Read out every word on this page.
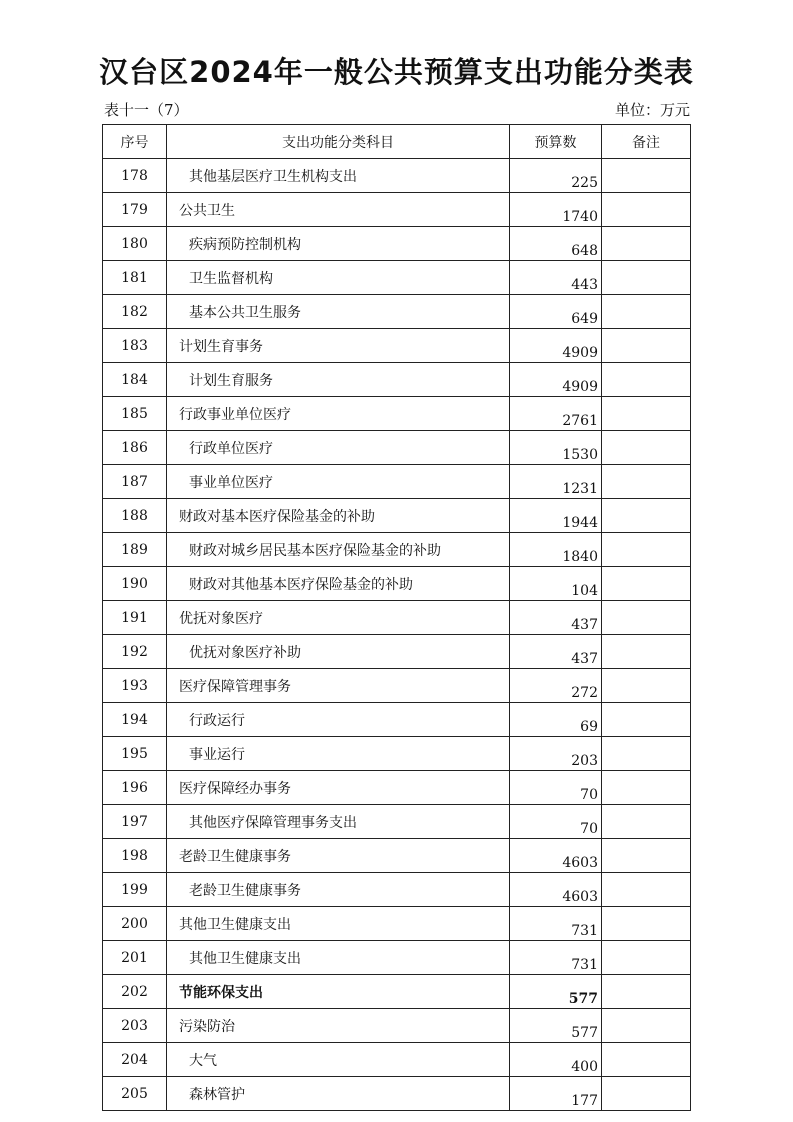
汉台区2024年一般公共预算支出功能分类表
表十一（7）	单位：万元
序号	支出功能分类科目	预算数	备注
178	其他基层医疗卫生机构支出	225	
179	公共卫生	1740	
180	疾病预防控制机构	648	
181	卫生监督机构	443	
182	基本公共卫生服务	649	
183	计划生育事务	4909	
184	计划生育服务	4909	
185	行政事业单位医疗	2761	
186	行政单位医疗	1530	
187	事业单位医疗	1231	
188	财政对基本医疗保险基金的补助	1944	
189	财政对城乡居民基本医疗保险基金的补助	1840	
190	财政对其他基本医疗保险基金的补助	104	
191	优抚对象医疗	437	
192	优抚对象医疗补助	437	
193	医疗保障管理事务	272	
194	行政运行	69	
195	事业运行	203	
196	医疗保障经办事务	70	
197	其他医疗保障管理事务支出	70	
198	老龄卫生健康事务	4603	
199	老龄卫生健康事务	4603	
200	其他卫生健康支出	731	
201	其他卫生健康支出	731	
202	节能环保支出	577	
203	污染防治	577	
204	大气	400	
205	森林管护	177	
